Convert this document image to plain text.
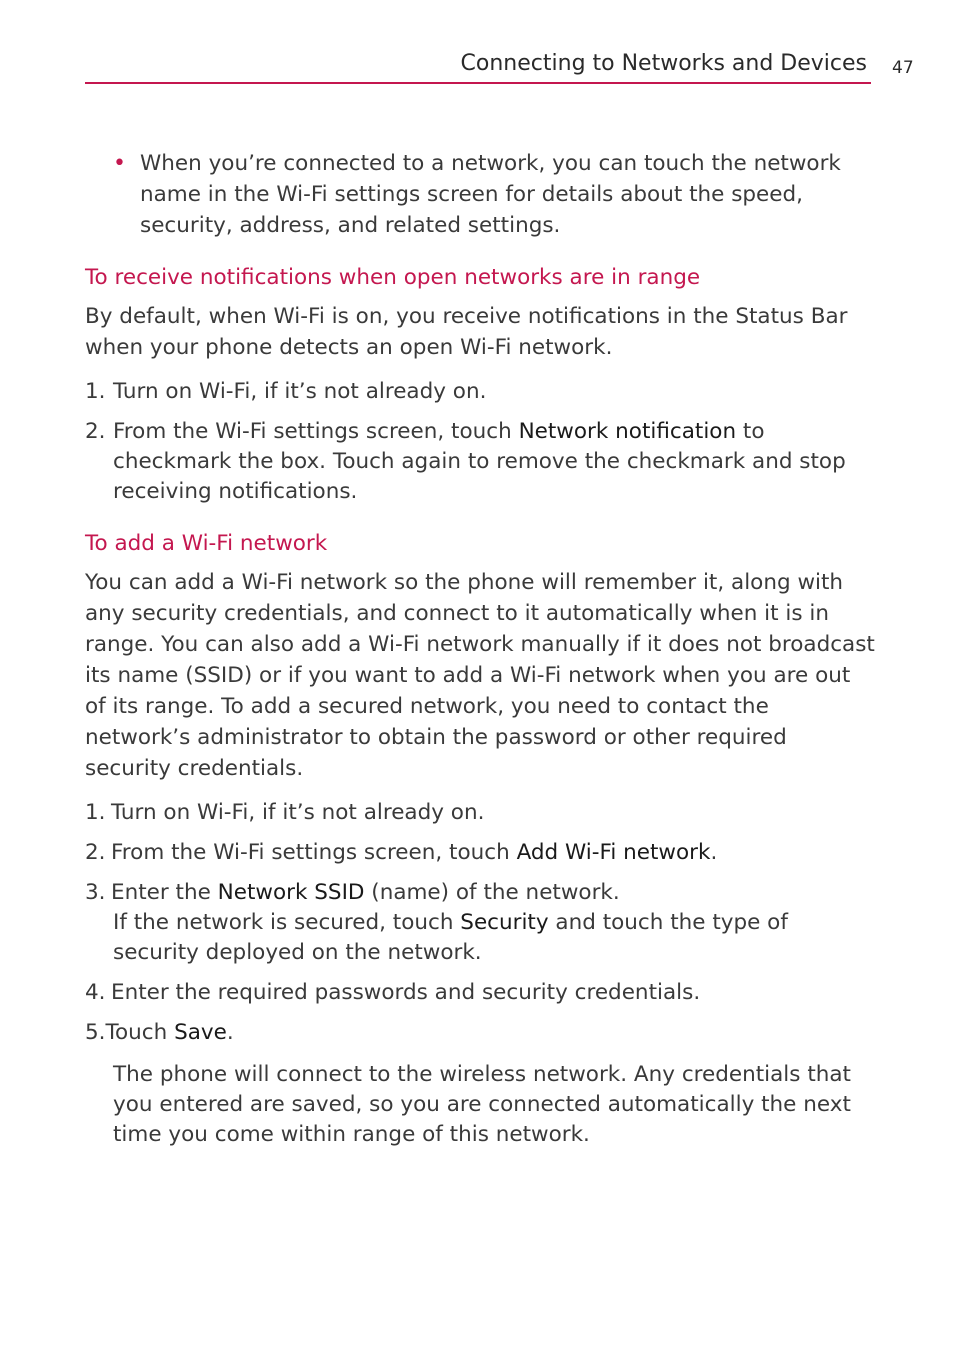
Connecting to Networks and Devices 47

• When you’re connected to a network, you can touch the network name in the Wi-Fi settings screen for details about the speed, security, address, and related settings.

To receive notifications when open networks are in range

By default, when Wi-Fi is on, you receive notifications in the Status Bar when your phone detects an open Wi-Fi network.

1. Turn on Wi-Fi, if it’s not already on.
2. From the Wi-Fi settings screen, touch Network notification to checkmark the box. Touch again to remove the checkmark and stop receiving notifications.
To add a Wi-Fi network

You can add a Wi-Fi network so the phone will remember it, along with any security credentials, and connect to it automatically when it is in range. You can also add a Wi-Fi network manually if it does not broadcast its name (SSID) or if you want to add a Wi-Fi network when you are out of its range. To add a secured network, you need to contact the network’s administrator to obtain the password or other required security credentials.

1. Turn on Wi-Fi, if it’s not already on.
2. From the Wi-Fi settings screen, touch Add Wi-Fi network.
3. Enter the Network SSID (name) of the network.
If the network is secured, touch Security and touch the type of security deployed on the network.
4. Enter the required passwords and security credentials.
5. Touch Save.

The phone will connect to the wireless network. Any credentials that you entered are saved, so you are connected automatically the next time you come within range of this network.
